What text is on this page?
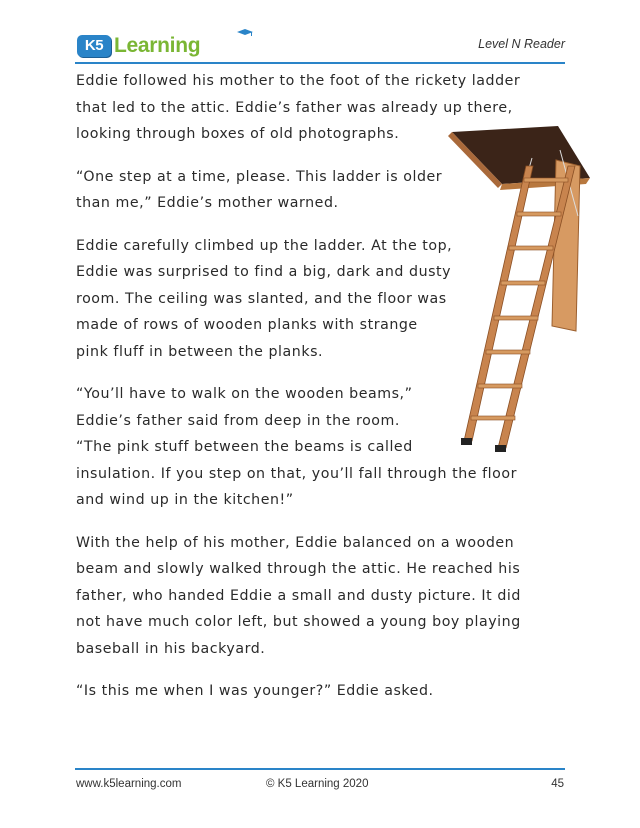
K5 Learning	Level N Reader

Eddie followed his mother to the foot of the rickety ladder
that led to the attic. Eddie’s father was already up there,
looking through boxes of old photographs.

“One step at a time, please. This ladder is older
than me,” Eddie’s mother warned.

Eddie carefully climbed up the ladder. At the top,
Eddie was surprised to find a big, dark and dusty
room. The ceiling was slanted, and the floor was
made of rows of wooden planks with strange
pink fluff in between the planks.

“You’ll have to walk on the wooden beams,”
Eddie’s father said from deep in the room.
“The pink stuff between the beams is called
insulation. If you step on that, you’ll fall through the floor
and wind up in the kitchen!”

With the help of his mother, Eddie balanced on a wooden
beam and slowly walked through the attic. He reached his
father, who handed Eddie a small and dusty picture. It did
not have much color left, but showed a young boy playing
baseball in his backyard.

“Is this me when I was younger?” Eddie asked.

www.k5learning.com	© K5 Learning 2020	45
